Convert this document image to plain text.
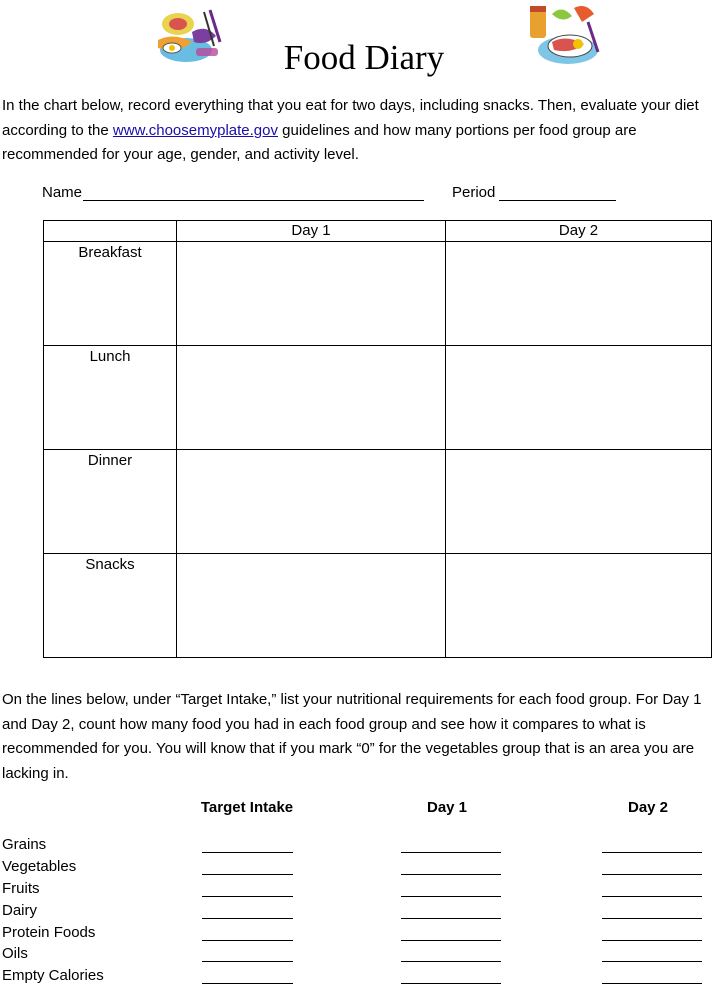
Food Diary

In the chart below, record everything that you eat for two days, including snacks. Then, evaluate your diet according to the www.choosemyplate.gov guidelines and how many portions per food group are recommended for your age, gender, and activity level.

Name	Period
	Day 1	Day 2
Breakfast		
Lunch		
Dinner		
Snacks		

On the lines below, under “Target Intake,” list your nutritional requirements for each food group. For Day 1 and Day 2, count how many food you had in each food group and see how it compares to what is recommended for you. You will know that if you mark “0” for the vegetables group that is an area you are lacking in.

Target Intake	Day 1	Day 2
Grains
Vegetables
Fruits
Dairy
Protein Foods
Oils
Empty Calories
